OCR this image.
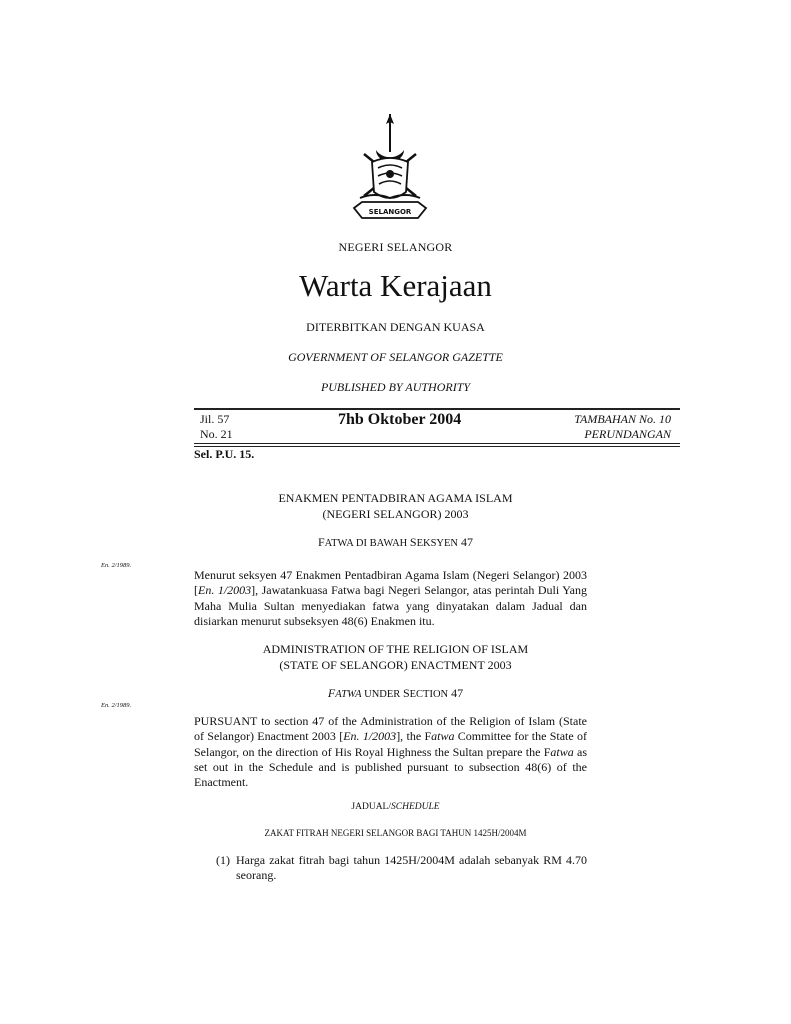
SELANGOR
NEGERI SELANGOR
Warta Kerajaan
DITERBITKAN DENGAN KUASA
GOVERNMENT OF SELANGOR GAZETTE
PUBLISHED BY AUTHORITY
Jil. 57
No. 21
7hb Oktober 2004	TAMBAHAN No. 10
PERUNDANGAN
Sel. P.U. 15.
ENAKMEN PENTADBIRAN AGAMA ISLAM
(NEGERI SELANGOR) 2003
FATWA DI BAWAH SEKSYEN 47
En. 2/1989.
Menurut seksyen 47 Enakmen Pentadbiran Agama Islam (Negeri Selangor) 2003 [En. 1/2003], Jawatankuasa Fatwa bagi Negeri Selangor, atas perintah Duli Yang Maha Mulia Sultan menyediakan fatwa yang dinyatakan dalam Jadual dan disiarkan menurut subseksyen 48(6) Enakmen itu.
ADMINISTRATION OF THE RELIGION OF ISLAM
(STATE OF SELANGOR) ENACTMENT 2003
FATWA UNDER SECTION 47
En. 2/1989.
PURSUANT to section 47 of the Administration of the Religion of Islam (State of Selangor) Enactment 2003 [En. 1/2003], the Fatwa Committee for the State of Selangor, on the direction of His Royal Highness the Sultan prepare the Fatwa as set out in the Schedule and is published pursuant to subsection 48(6) of the Enactment.
JADUAL/SCHEDULE
ZAKAT FITRAH NEGERI SELANGOR BAGI TAHUN 1425H/2004M
(1) Harga zakat fitrah bagi tahun 1425H/2004M adalah sebanyak RM 4.70 seorang.
